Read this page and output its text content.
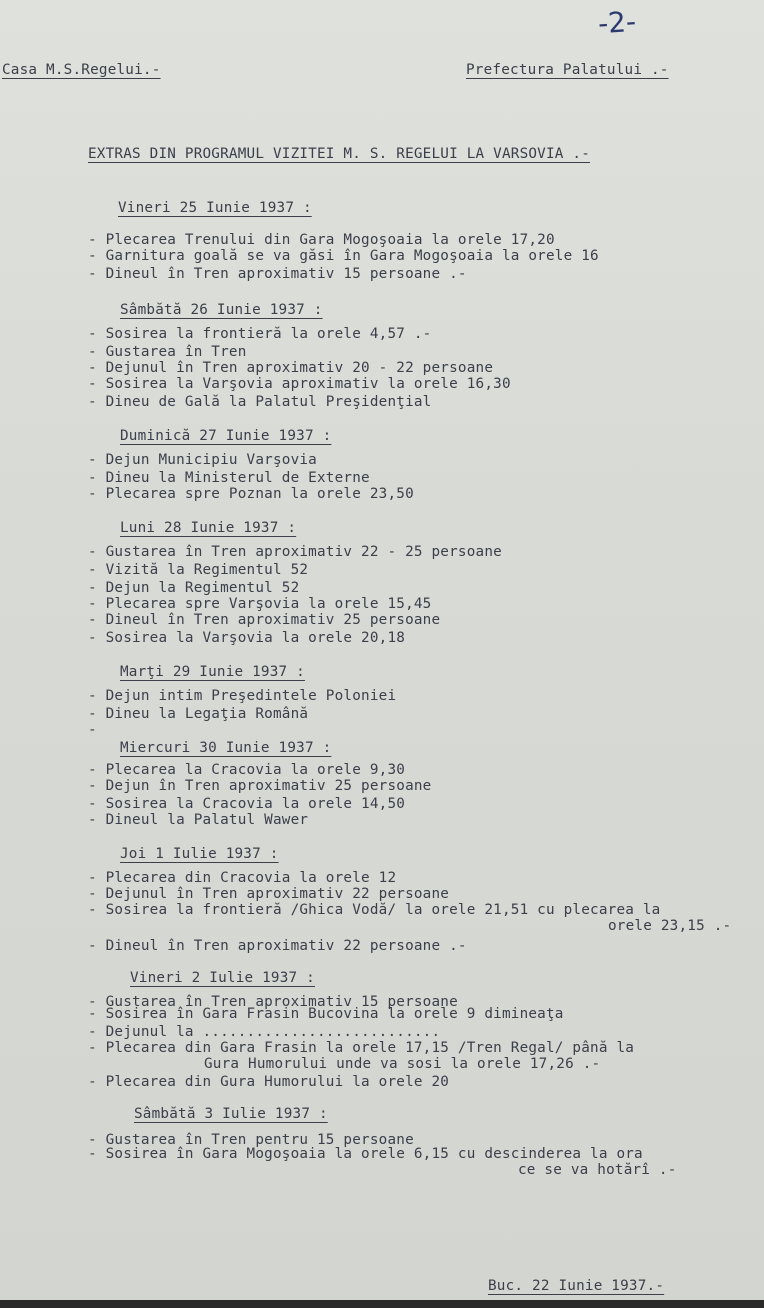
-2-
Casa M.S.Regelui.-	Prefectura Palatului .-
EXTRAS DIN PROGRAMUL VIZITEI M. S. REGELUI LA VARSOVIA .-
Vineri 25 Iunie 1937 :
- Plecarea Trenului din Gara Mogoşoaia la orele 17,20
- Garnitura goală se va găsi în Gara Mogoşoaia la orele 16
- Dineul în Tren aproximativ 15 persoane .-
Sâmbătă 26 Iunie 1937 :
- Sosirea la frontieră la orele 4,57 .-
- Gustarea în Tren
- Dejunul în Tren aproximativ 20 - 22 persoane
- Sosirea la Varşovia aproximativ la orele 16,30
- Dineu de Gală la Palatul Preşidenţial
Duminică 27 Iunie 1937 :
- Dejun Municipiu Varşovia
- Dineu la Ministerul de Externe
- Plecarea spre Poznan la orele 23,50
Luni 28 Iunie 1937 :
- Gustarea în Tren aproximativ 22 - 25 persoane
- Vizită la Regimentul 52
- Dejun la Regimentul 52
- Plecarea spre Varşovia la orele 15,45
- Dineul în Tren aproximativ 25 persoane
- Sosirea la Varşovia la orele 20,18
Marţi 29 Iunie 1937 :
- Dejun intim Preşedintele Poloniei
- Dineu la Legaţia Română
-
Miercuri 30 Iunie 1937 :
- Plecarea la Cracovia la orele 9,30
- Dejun în Tren aproximativ 25 persoane
- Sosirea la Cracovia la orele 14,50
- Dineul la Palatul Wawer
Joi 1 Iulie 1937 :
- Plecarea din Cracovia la orele 12
- Dejunul în Tren aproximativ 22 persoane
- Sosirea la frontieră /Ghica Vodă/ la orele 21,51 cu plecarea la
orele 23,15 .-
- Dineul în Tren aproximativ 22 persoane .-
Vineri 2 Iulie 1937 :
- Gustarea în Tren aproximativ 15 persoane
- Sosirea în Gara Frasin Bucovina la orele 9 dimineaţa
- Dejunul la ...........................
- Plecarea din Gara Frasin la orele 17,15 /Tren Regal/ până la
Gura Humorului unde va sosi la orele 17,26 .-
- Plecarea din Gura Humorului la orele 20
Sâmbătă 3 Iulie 1937 :
- Gustarea în Tren pentru 15 persoane
- Sosirea în Gara Mogoşoaia la orele 6,15 cu descinderea la ora
ce se va hotărî .-
Buc. 22 Iunie 1937.-
